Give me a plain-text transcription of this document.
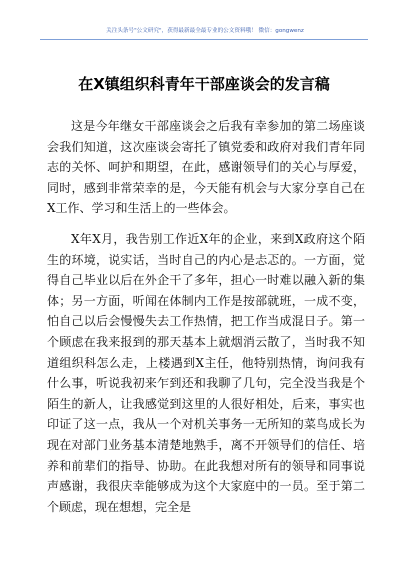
关注头条号"公文研究"，获得最新最全最专业的公文资料哦！ 微信：gongwenz
在X镇组织科青年干部座谈会的发言稿

这是今年继女干部座谈会之后我有幸参加的第二场座谈会我们知道，这次座谈会寄托了镇党委和政府对我们青年同志的关怀、呵护和期望，在此，感谢领导们的关心与厚爱，同时，感到非常荣幸的是，今天能有机会与大家分享自己在X工作、学习和生活上的一些体会。

X年X月，我告别工作近X年的企业，来到X政府这个陌生的环境，说实话，当时自己的内心是忐忑的。一方面，觉得自己毕业以后在外企干了多年，担心一时难以融入新的集体；另一方面，听闻在体制内工作是按部就班，一成不变，怕自己以后会慢慢失去工作热情，把工作当成混日子。第一个顾虑在我来报到的那天基本上就烟消云散了，当时我不知道组织科怎么走，上楼遇到X主任，他特别热情，询问我有什么事，听说我初来乍到还和我聊了几句，完全没当我是个陌生的新人，让我感觉到这里的人很好相处，后来，事实也印证了这一点，我从一个对机关事务一无所知的菜鸟成长为现在对部门业务基本清楚地熟手，离不开领导们的信任、培养和前辈们的指导、协助。在此我想对所有的领导和同事说声感谢，我很庆幸能够成为这个大家庭中的一员。至于第二个顾虑，现在想想，完全是
